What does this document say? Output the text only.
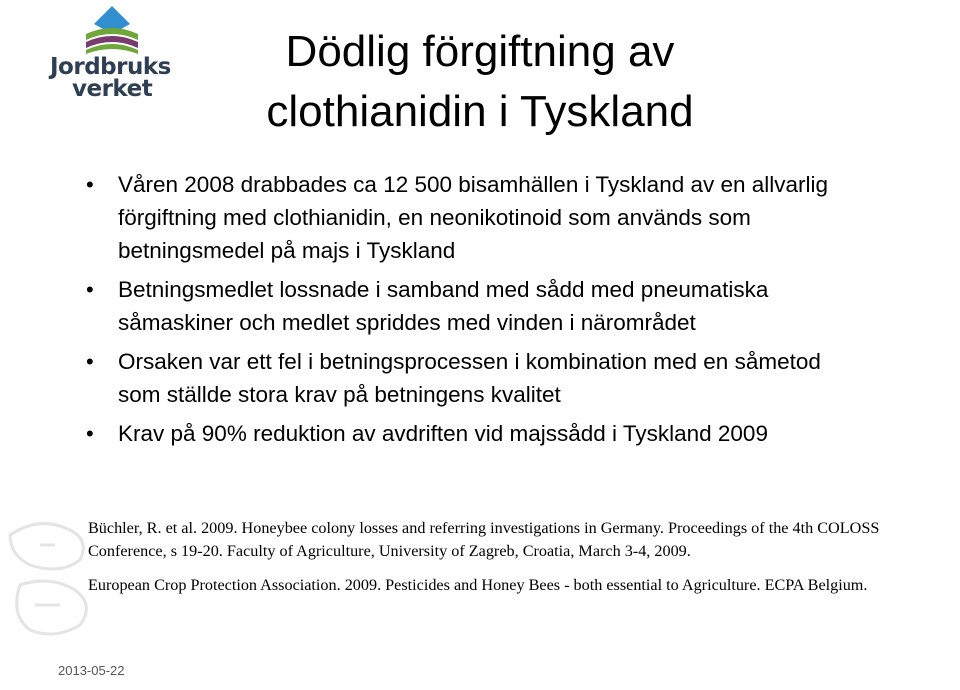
Jordbruks
verket
Dödlig förgiftning av
clothianidin i Tyskland
• Våren 2008 drabbades ca 12 500 bisamhällen i Tyskland av en allvarlig förgiftning med clothianidin, en neonikotinoid som används som betningsmedel på majs i Tyskland
• Betningsmedlet lossnade i samband med sådd med pneumatiska såmaskiner och medlet spriddes med vinden i närområdet
• Orsaken var ett fel i betningsprocessen i kombination med en såmetod som ställde stora krav på betningens kvalitet
• Krav på 90% reduktion av avdriften vid majssådd i Tyskland 2009

Büchler, R. et al. 2009. Honeybee colony losses and referring investigations in Germany. Proceedings of the 4th COLOSS Conference, s 19-20. Faculty of Agriculture, University of Zagreb, Croatia, March 3-4, 2009.

European Crop Protection Association. 2009. Pesticides and Honey Bees - both essential to Agriculture. ECPA Belgium.

2013-05-22
